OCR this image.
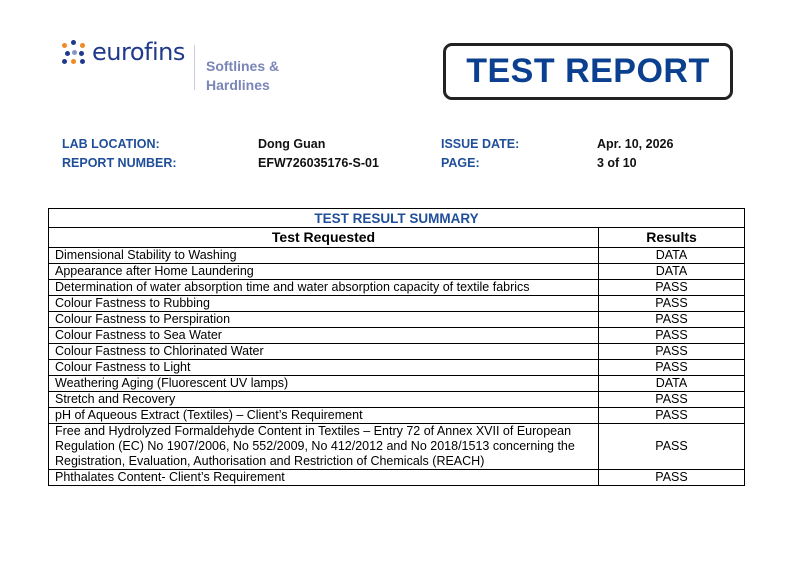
eurofins Softlines &
Hardlines	TEST REPORT
LAB LOCATION:	Dong Guan	ISSUE DATE:	Apr. 10, 2026
REPORT NUMBER:	EFW726035176-S-01	PAGE:	3 of 10
TEST RESULT SUMMARY	
Test Requested	Results
Dimensional Stability to Washing	DATA
Appearance after Home Laundering	DATA
Determination of water absorption time and water absorption capacity of textile fabrics	PASS
Colour Fastness to Rubbing	PASS
Colour Fastness to Perspiration	PASS
Colour Fastness to Sea Water	PASS
Colour Fastness to Chlorinated Water	PASS
Colour Fastness to Light	PASS
Weathering Aging (Fluorescent UV lamps)	DATA
Stretch and Recovery	PASS
pH of Aqueous Extract (Textiles) – Client’s Requirement	PASS
Free and Hydrolyzed Formaldehyde Content in Textiles – Entry 72 of Annex XVII of European Regulation (EC) No 1907/2006, No 552/2009, No 412/2012 and No 2018/1513 concerning the Registration, Evaluation, Authorisation and Restriction of Chemicals (REACH)	PASS
Phthalates Content- Client’s Requirement	PASS
